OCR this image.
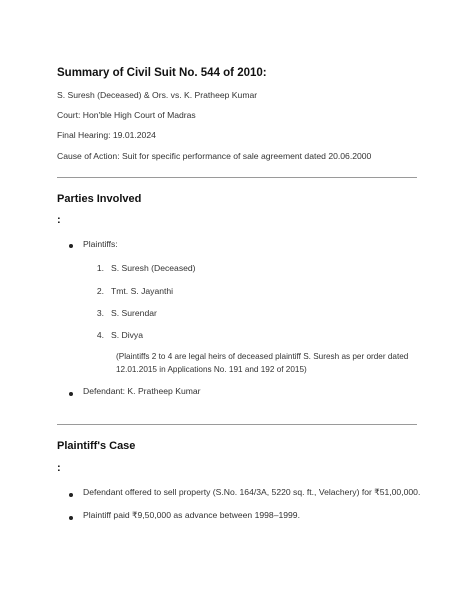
Summary of Civil Suit No. 544 of 2010:
S. Suresh (Deceased) & Ors. vs. K. Pratheep Kumar
Court: Hon'ble High Court of Madras
Final Hearing: 19.01.2024
Cause of Action: Suit for specific performance of sale agreement dated 20.06.2000
Parties Involved
:
Plaintiffs:
1. S. Suresh (Deceased)
2. Tmt. S. Jayanthi
3. S. Surendar
4. S. Divya
(Plaintiffs 2 to 4 are legal heirs of deceased plaintiff S. Suresh as per order dated
12.01.2015 in Applications No. 191 and 192 of 2015)
Defendant: K. Pratheep Kumar
Plaintiff's Case
:
Defendant offered to sell property (S.No. 164/3A, 5220 sq. ft., Velachery) for ₹51,00,000.
Plaintiff paid ₹9,50,000 as advance between 1998–1999.
